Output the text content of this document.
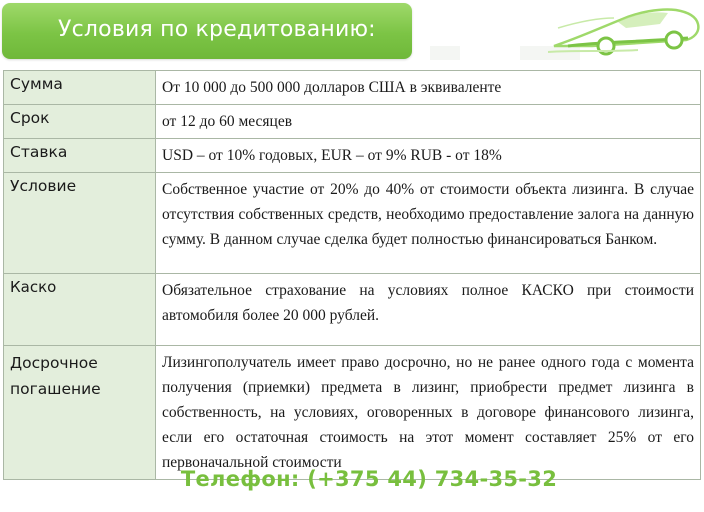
Условия по кредитованию:
Сумма	От 10 000 до 500 000 долларов США в эквиваленте
Срок	от 12 до 60 месяцев
Ставка	USD – от 10% годовых, EUR – от 9% RUB - от 18%
Условие	Собственное участие от 20% до 40% от стоимости объекта лизинга. В случае отсутствия собственных средств, необходимо предоставление залога на данную сумму. В данном случае сделка будет полностью финансироваться Банком.
Каско	Обязательное страхование на условиях полное КАСКО при стоимости автомобиля более 20 000 рублей.
Досрочное погашение	Лизингополучатель имеет право досрочно, но не ранее одного года с момента получения (приемки) предмета в лизинг, приобрести предмет лизинга в собственность, на условиях, оговоренных в договоре финансового лизинга, если его остаточная стоимость на этот момент составляет 25% от его первоначальной стоимости
Телефон: (+375 44) 734-35-32
